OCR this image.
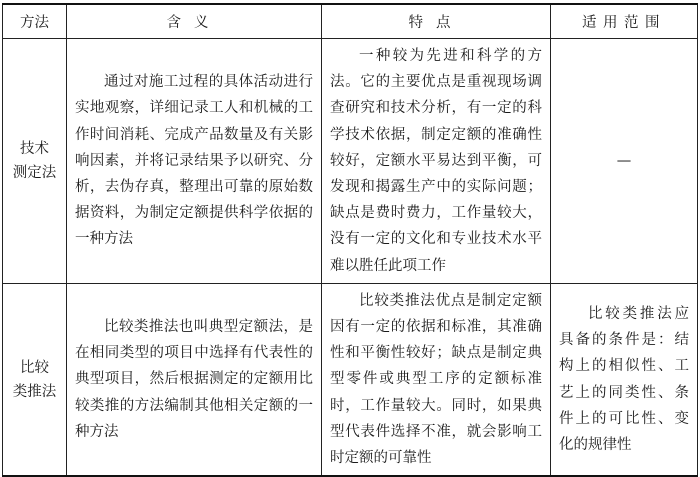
方法	含义	特点	适用范围

技术
测定法	通过对施工过程的具体活动进行实地观察，详细记录工人和机械的工作时间消耗、完成产品数量及有关影响因素，并将记录结果予以研究、分析，去伪存真，整理出可靠的原始数据资料，为制定定额提供科学依据的一种方法	一种较为先进和科学的方法。它的主要优点是重视现场调查研究和技术分析，有一定的科学技术依据，制定定额的准确性较好，定额水平易达到平衡，可发现和揭露生产中的实际问题；缺点是费时费力，工作量较大，没有一定的文化和专业技术水平难以胜任此项工作	—

比较
类推法	比较类推法也叫典型定额法，是在相同类型的项目中选择有代表性的典型项目，然后根据测定的定额用比较类推的方法编制其他相关定额的一种方法	比较类推法优点是制定定额因有一定的依据和标准，其准确性和平衡性较好；缺点是制定典型零件或典型工序的定额标准时，工作量较大。同时，如果典型代表件选择不准，就会影响工时定额的可靠性	比较类推法应具备的条件是：结构上的相似性、工艺上的同类性、条件上的可比性、变化的规律性
